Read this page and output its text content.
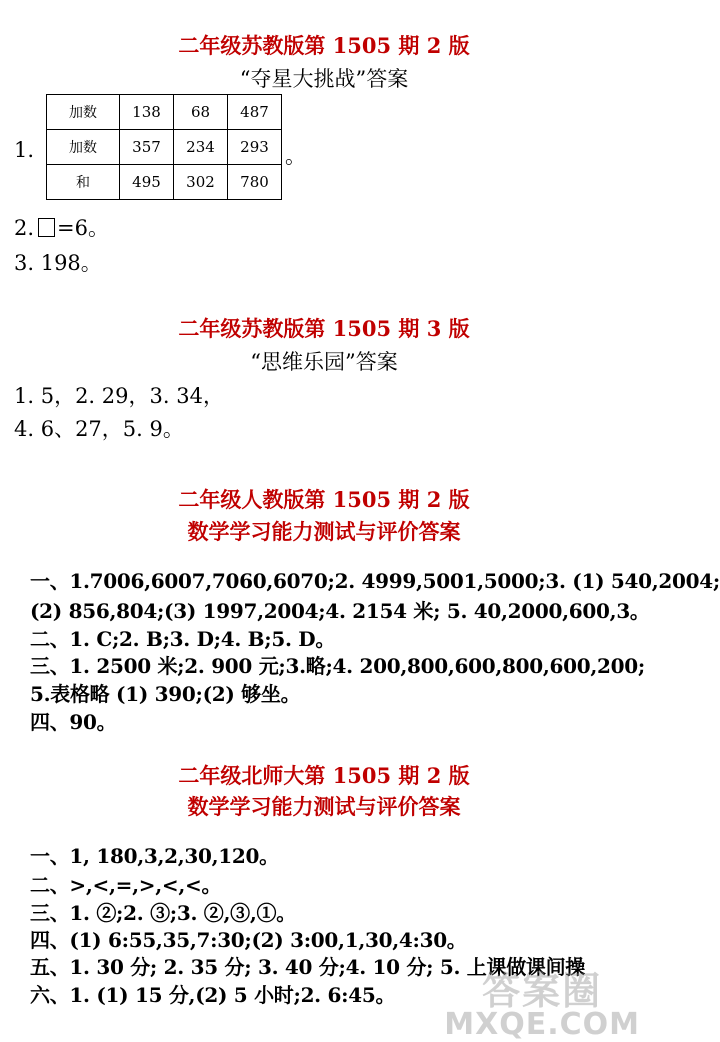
二年级苏教版第 1505 期 2 版
“夺星大挑战”答案
1.
加数	138	68	487
加数	357	234	293
和	495	302	780
。
2. =6。
3. 198。
二年级苏教版第 1505 期 3 版
“思维乐园”答案
1. 5，2. 29，3. 34，
4. 6、27，5. 9。
二年级人教版第 1505 期 2 版
数学学习能力测试与评价答案
一、1.7006,6007,7060,6070;2. 4999,5001,5000;3. (1) 540,2004;
(2) 856,804;(3) 1997,2004;4. 2154 米; 5. 40,2000,600,3。
二、1. C;2. B;3. D;4. B;5. D。
三、1. 2500 米;2. 900 元;3.略;4. 200,800,600,800,600,200;
5.表格略 (1) 390;(2) 够坐。
四、90。
二年级北师大第 1505 期 2 版
数学学习能力测试与评价答案
一、1, 180,3,2,30,120。
二、>,<,=,>,<,<。
三、1. ②;2. ③;3. ②,③,①。
四、(1) 6:55,35,7:30;(2) 3:00,1,30,4:30。
五、1. 30 分; 2. 35 分; 3. 40 分;4. 10 分; 5. 上课做课间操
六、1. (1) 15 分,(2) 5 小时;2. 6:45。	答案圈
MXQE.COM
